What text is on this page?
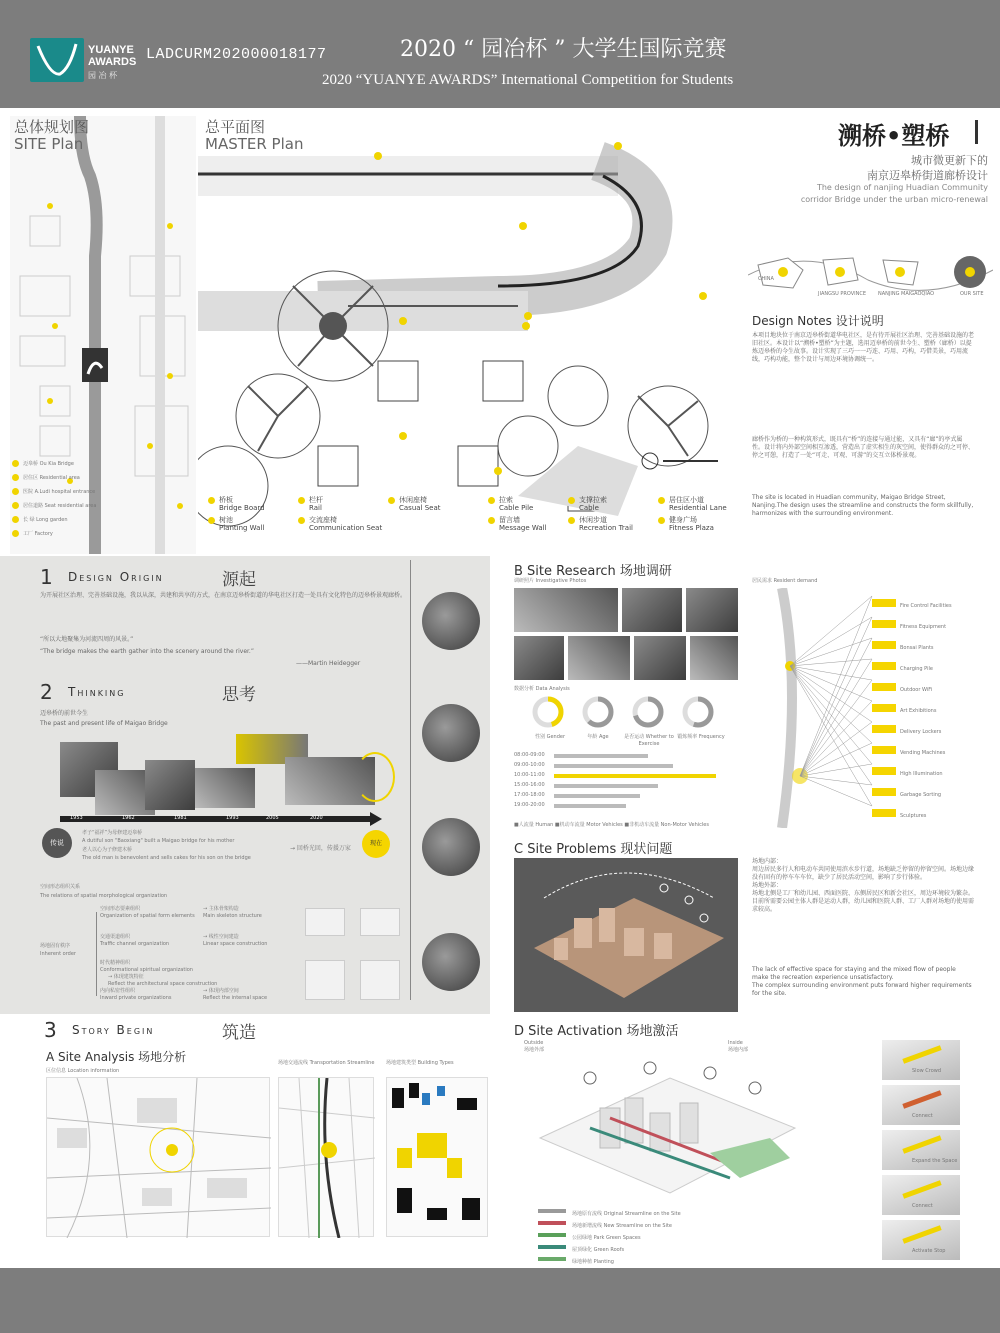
YUANYE
AWARDS
园 冶 杯
LADCURM202000018177	2020 “ 园冶杯 ” 大学生国际竞赛
2020 “YUANYE AWARDS” International Competition for Students
总体规划图
SITE Plan
迈皋桥 Ou Kia Bridge
居住区 Residential area
医院 A.Ludi hospital entrance
居住道路 Seat residential area
长 绿 Long garden
工厂 Factory
总平面图
MASTER Plan
桥板
Bridge Board
树池
Planting Wall
栏杆
Rail
交流座椅
Communication Seat
休闲座椅
Casual Seat
拉索
Cable Pile
留言墙
Message Wall
支撑拉索
Cable
休闲步道
Recreation Trail
居住区小道
Residential Lane
健身广场
Fitness Plaza
溯桥•塑桥
城市微更新下的
南京迈皋桥街道廊桥设计
The design of nanjing Huadian Community
corridor Bridge under the urban micro-renewal
CHINA
JIANGSU PROVINCE NANJING MAIGAOQIAO	OUR SITE
Design Notes 设计说明
本项目地块位于南京迈皋桥街道华电社区，是有待开展社区治理、完善基础设施的老旧社区。本设计以“溯桥•塑桥”为主题，选用迈皋桥的前世今生、塑桥（廊桥）以提炼迈皋桥的今生故事。设计实现了三巧一一巧连、巧用、巧构，巧借美景，巧用流线，巧构功能，整个设计与周边环境协调统一。
廊桥作为桥的一种构筑形式，既具有“桥”的连接与通过能，又具有“廊”的亭式属性。设计将内外部空间相互渗透，营造出了虚实相生的灰空间，使得群众的之可停、停之可憩，打造了一处“可走、可观、可游”的交互立体桥景观。
The site is located in Huadian community, Maigao Bridge Street, Nanjing.The design uses the streamline and constructs the form skillfully, harmonizes with the surrounding environment.
1 Design Origin	源起
为开展社区治理、完善基础设施，我以从深，共建和共享的方式，在南京迈皋桥街道的华电社区打造一处具有文化特色的迈皋桥景观廊桥。
“所以大地聚集为河流四周的风景。”
“The bridge makes the earth gather into the scenery around the river.”
——Martin Heidegger
2 Thinking	思考
迈皋桥的前世今生
The past and present life of Maigao Bridge
1953	1962	1981	1993	2005	2020
传说
孝子“福祥”为母修建迈皋桥
A dutiful son "Baoxiang" built a Maigao bridge for his mother
老人以心为子修建木桥
The old man is benevolent and sells cakes for his son on the bridge
→ 回桥光回，传援万家
现在
空间形态组织关系
The relations of spatial morphological organization
场地固有秩序
Inherent order
空间形态要素组织
Organization of spatial form elements
→ 主体骨架构造
Main skeleton structure
交通渠道组织
Traffic channel organization
→ 线性空间建造
Linear space construction
时代精神组织
Conformational spiritual organization
→ 体现建筑特征
Reflect the architectural space construction
内向私密性组织
Inward private organizations
→ 体现内部空间
Reflect the internal space
3 Story Begin	筑造
A Site Analysis 场地分析
区位信息 Location information
场地交通流线 Transportation Streamline 场地建筑类型 Building Types
B Site Research 场地调研
调研照片 Investigative Photos
数据分析 Data Analysis
性别 Gender	年龄 Age	是否运动 Whether to Exercise
锻炼频率 Frequency
08:00-09:00
09:00-10:00
10:00-11:00
15:00-16:00
17:00-18:00
19:00-20:00
■人流量 Human ■机动车流量 Motor Vehicles ■非机动车流量 Non-Motor Vehicles
居民需求 Resident demand
Fire Control Facilities
Fitness Equipment
Bonsai Plants
Charging Pile
Outdoor WiFi
Art Exhibitions
Delivery Lockers
Vending Machines
High Illumination
Garbage Sorting
Sculptures
C Site Problems 现状问题
场地内部：
周边居民多行人和电动车共同使用滨水步行道，场地缺乏停留的停留空间。场地边缘没有固有的停车车车位，缺少了居民活动空间，影响了步行体验。
场地外部：
场地北侧是工厂和幼儿园、西面医院、东侧居民区和新会社区，周边环境较为繁杂。目前所需要公园主体人群是运动人群，幼儿园和医院人群、工厂人群对场地的使用需求较高。
The lack of effective space for staying and the mixed flow of people make the recreation experience unsatisfactory.
The complex surrounding environment puts forward higher requirements for the site.
D Site Activation 场地激活
Outside
场地外部
Inside
场地内部
场地原有流线 Original Streamline on the Site
场地新增流线 New Streamline on the Site
公园绿地 Park Green Spaces
屋顶绿化 Green Roofs
绿地种植 Planting
Slow Crowd
Connect
Expand the Space
Connect
Activate Stop
